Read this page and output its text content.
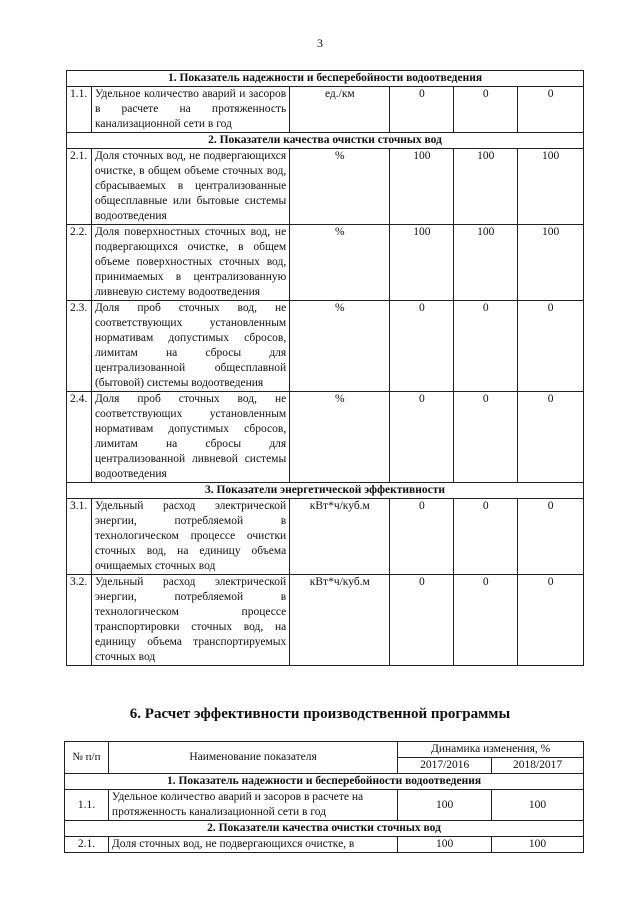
3
1. Показатель надежности и бесперебойности водоотведения					
1.1.	Удельное количество аварий и засоров в расчете на протяженность канализационной сети в год	ед./км	0	0	0
2. Показатели качества очистки сточных вод					
2.1.	Доля сточных вод, не подвергающихся очистке, в общем объеме сточных вод, сбрасываемых в централизованные общесплавные или бытовые системы водоотведения	%	100	100	100
2.2.	Доля поверхностных сточных вод, не подвергающихся очистке, в общем объеме поверхностных сточных вод, принимаемых в централизованную ливневую систему водоотведения	%	100	100	100
2.3.	Доля проб сточных вод, не соответствующих установленным нормативам допустимых сбросов, лимитам на сбросы для централизованной общесплавной (бытовой) системы водоотведения	%	0	0	0
2.4.	Доля проб сточных вод, не соответствующих установленным нормативам допустимых сбросов, лимитам на сбросы для централизованной ливневой системы водоотведения	%	0	0	0
3. Показатели энергетической эффективности					
3.1.	Удельный расход электрической энергии, потребляемой в технологическом процессе очистки сточных вод, на единицу объема очищаемых сточных вод	кВт*ч/куб.м	0	0	0
3.2.	Удельный расход электрической энергии, потребляемой в технологическом процессе транспортировки сточных вод, на единицу объема транспортируемых сточных вод	кВт*ч/куб.м	0	0	0
6. Расчет эффективности производственной программы
№ п/п	Наименование показателя	Динамика изменения, %	
		2017/2016	2018/2017
1. Показатель надежности и бесперебойности водоотведения			
1.1.	Удельное количество аварий и засоров в расчете на протяженность канализационной сети в год	100	100
2. Показатели качества очистки сточных вод			
2.1.	Доля сточных вод, не подвергающихся очистке, в	100	100
